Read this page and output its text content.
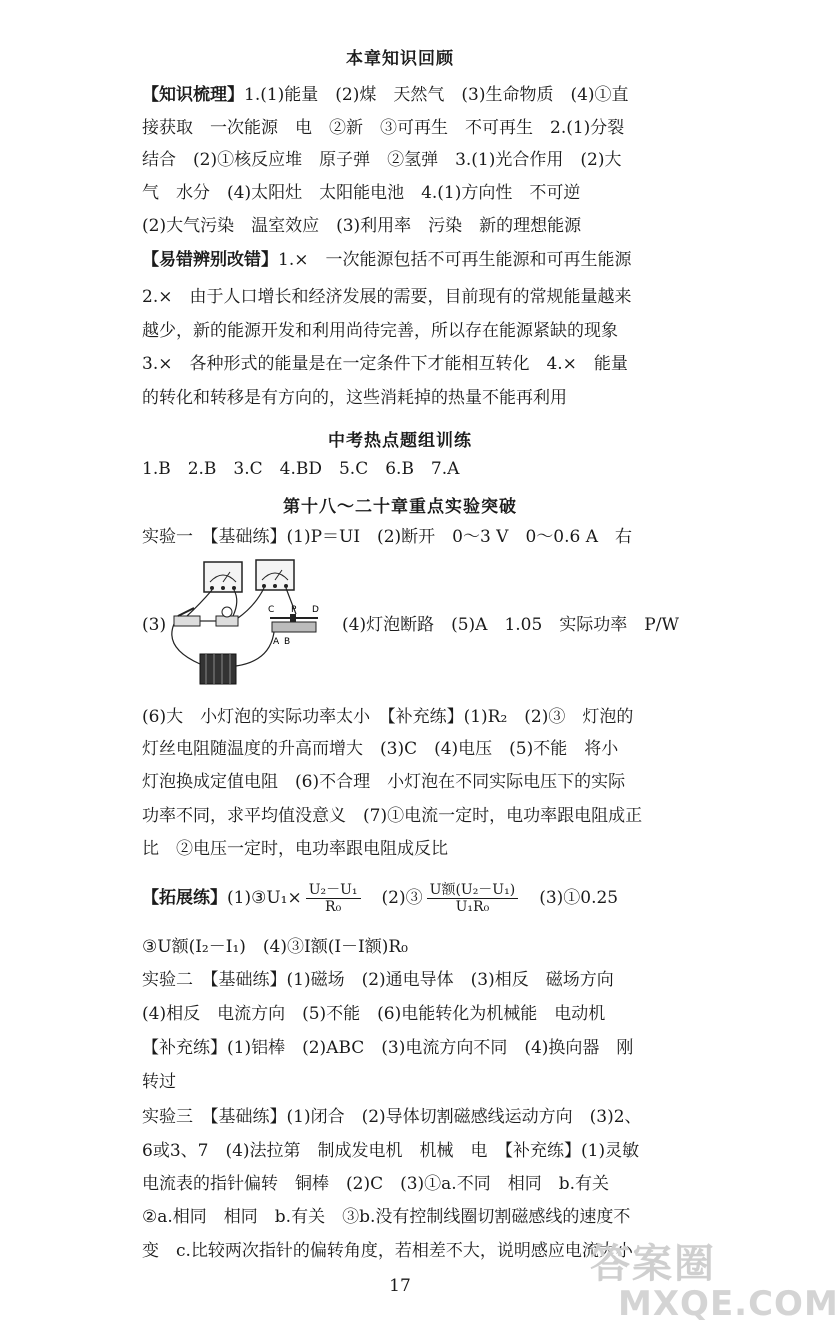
本章知识回顾
【知识梳理】1.(1)能量　(2)煤　天然气　(3)生命物质　(4)①直
接获取　一次能源　电　②新　③可再生　不可再生　2.(1)分裂
结合　(2)①核反应堆　原子弹　②氢弹　3.(1)光合作用　(2)大
气　水分　(4)太阳灶　太阳能电池　4.(1)方向性　不可逆
(2)大气污染　温室效应　(3)利用率　污染　新的理想能源
【易错辨别改错】1.×　一次能源包括不可再生能源和可再生能源
2.×　由于人口增长和经济发展的需要，目前现有的常规能量越来
越少，新的能源开发和利用尚待完善，所以存在能源紧缺的现象
3.×　各种形式的能量是在一定条件下才能相互转化　4.×　能量
的转化和转移是有方向的，这些消耗掉的热量不能再利用
中考热点题组训练
1.B　2.B　3.C　4.BD　5.C　6.B　7.A
第十八～二十章重点实验突破
实验一　【基础练】(1)P＝UI　(2)断开　0～3 V　0～0.6 A　右
(3)
C P D
A B
(4)灯泡断路　(5)A　1.05　实际功率　P/W
(6)大　小灯泡的实际功率太小　【补充练】(1)R₂　(2)③　灯泡的
灯丝电阻随温度的升高而增大　(3)C　(4)电压　(5)不能　将小
灯泡换成定值电阻　(6)不合理　小灯泡在不同实际电压下的实际
功率不同，求平均值没意义　(7)①电流一定时，电功率跟电阻成正
比　②电压一定时，电功率跟电阻成反比
【拓展练】(1)③U₁× $\frac{\text{U₂－U₁}}{\text{R₀}}$
　 (2)③ $\frac{\text{U额(U₂－U₁)}}{\text{U₁R₀}}$
　 (3)①0.25
③U额(I₂－I₁)　(4)③I额(I－I额)R₀
实验二　【基础练】(1)磁场　(2)通电导体　(3)相反　磁场方向
(4)相反　电流方向　(5)不能　(6)电能转化为机械能　电动机
【补充练】(1)铝棒　(2)ABC　(3)电流方向不同　(4)换向器　刚
转过
实验三　【基础练】(1)闭合　(2)导体切割磁感线运动方向　(3)2、
6或3、7　(4)法拉第　制成发电机　机械　电　【补充练】(1)灵敏
电流表的指针偏转　铜棒　(2)C　(3)①a.不同　相同　b.有关
②a.相同　相同　b.有关　③b.没有控制线圈切割磁感线的速度不
变　c.比较两次指针的偏转角度，若相差不大，说明感应电流大小
17	答案圈
MXQE.COM
